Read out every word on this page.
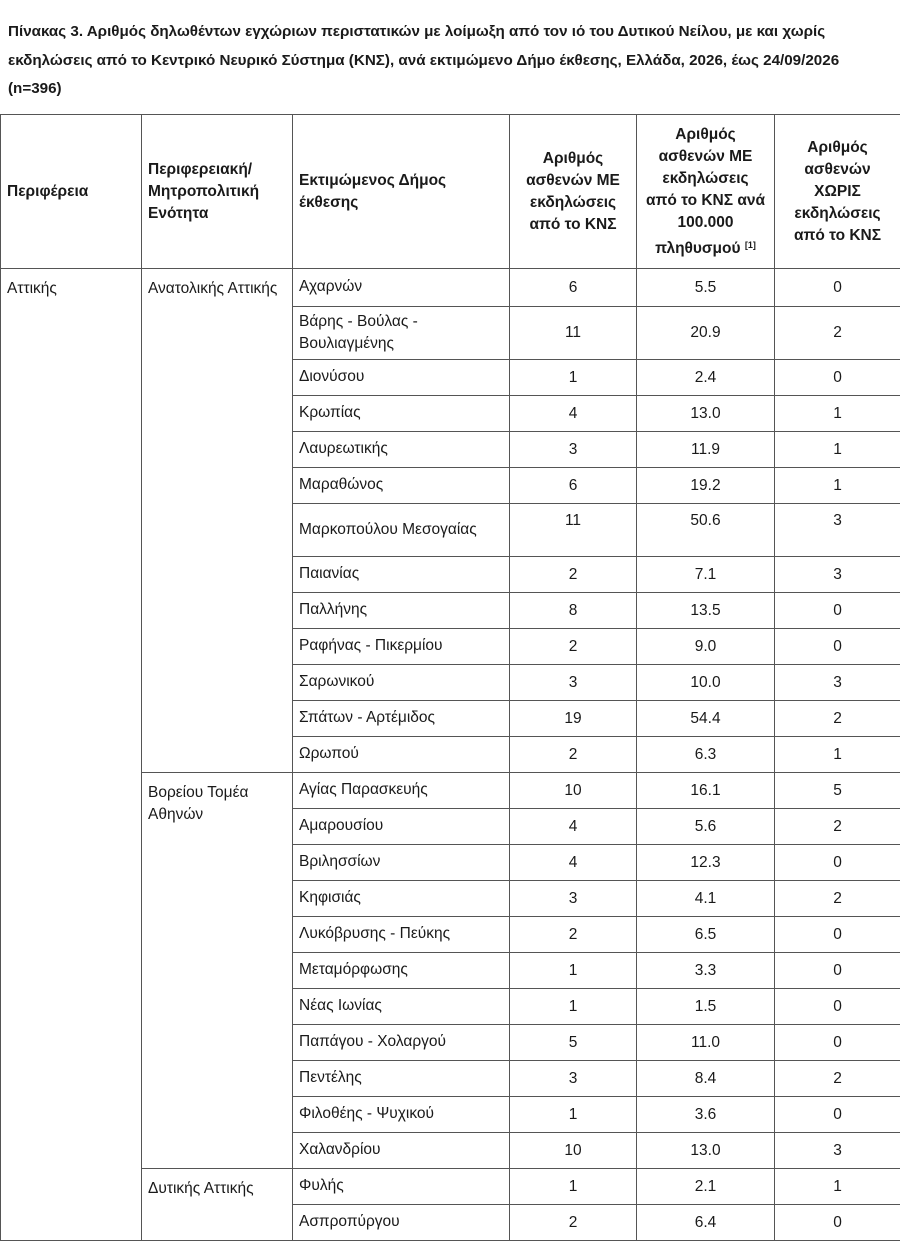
Πίνακας 3. Αριθμός δηλωθέντων εγχώριων περιστατικών με λοίμωξη από τον ιό του Δυτικού Νείλου, με και χωρίς εκδηλώσεις από το Κεντρικό Νευρικό Σύστημα (ΚΝΣ), ανά εκτιμώμενο Δήμο έκθεσης, Ελλάδα, 2026, έως 24/09/2026 (n=396)

Περιφέρεια	Περιφερειακή/ Μητροπολιτική Ενότητα	Εκτιμώμενος Δήμος έκθεσης	Αριθμός ασθενών ΜΕ εκδηλώσεις από το ΚΝΣ	Αριθμός ασθενών ΜΕ εκδηλώσεις από το ΚΝΣ ανά 100.000 πληθυσμού [1]	Αριθμός ασθενών ΧΩΡΙΣ εκδηλώσεις από το ΚΝΣ
Αττικής	Ανατολικής Αττικής	Αχαρνών	6	5.5	0
		Βάρης - Βούλας - Βουλιαγμένης	11	20.9	2
		Διονύσου	1	2.4	0
		Κρωπίας	4	13.0	1
		Λαυρεωτικής	3	11.9	1
		Μαραθώνος	6	19.2	1
		Μαρκοπούλου Μεσογαίας	11	50.6	3
		Παιανίας	2	7.1	3
		Παλλήνης	8	13.5	0
		Ραφήνας - Πικερμίου	2	9.0	0
		Σαρωνικού	3	10.0	3
		Σπάτων - Αρτέμιδος	19	54.4	2
		Ωρωπού	2	6.3	1
	Βορείου Τομέα Αθηνών	Αγίας Παρασκευής	10	16.1	5
		Αμαρουσίου	4	5.6	2
		Βριλησσίων	4	12.3	0
		Κηφισιάς	3	4.1	2
		Λυκόβρυσης - Πεύκης	2	6.5	0
		Μεταμόρφωσης	1	3.3	0
		Νέας Ιωνίας	1	1.5	0
		Παπάγου - Χολαργού	5	11.0	0
		Πεντέλης	3	8.4	2
		Φιλοθέης - Ψυχικού	1	3.6	0
		Χαλανδρίου	10	13.0	3
	Δυτικής Αττικής	Φυλής	1	2.1	1
		Ασπροπύργου	2	6.4	0
